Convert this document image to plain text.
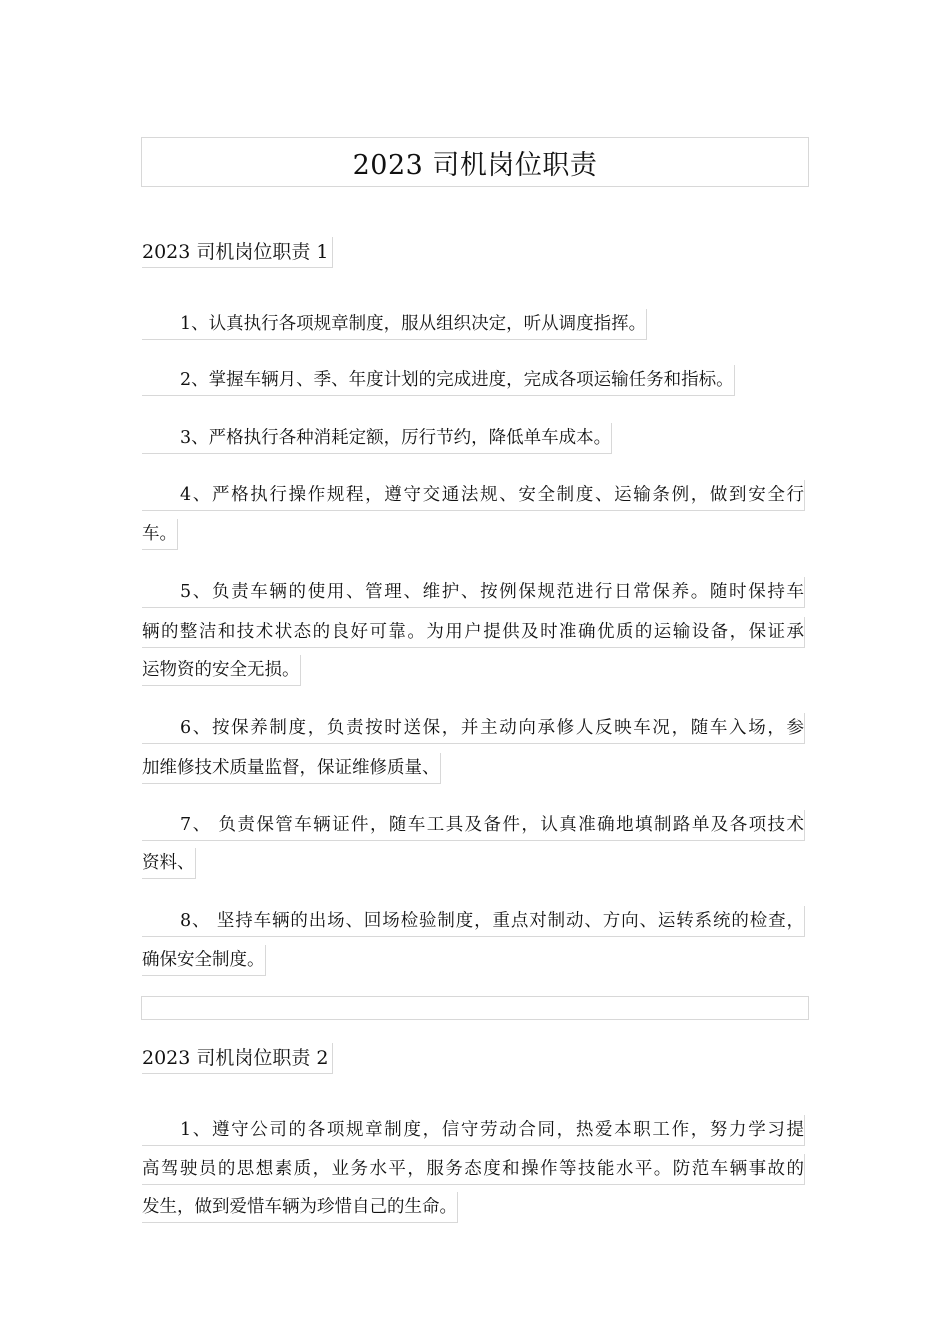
2023 司机岗位职责
2023 司机岗位职责 1
1、认真执行各项规章制度，服从组织决定，听从调度指挥。
2、掌握车辆月、季、年度计划的完成进度，完成各项运输任务和指标。
3、严格执行各种消耗定额，厉行节约，降低单车成本。
4、严格执行操作规程，遵守交通法规、安全制度、运输条例，做到安全行
车。
5、负责车辆的使用、管理、维护、按例保规范进行日常保养。随时保持车
辆的整洁和技术状态的良好可靠。为用户提供及时准确优质的运输设备，保证承
运物资的安全无损。
6、按保养制度，负责按时送保，并主动向承修人反映车况，随车入场，参
加维修技术质量监督，保证维修质量、
7、 负责保管车辆证件，随车工具及备件，认真准确地填制路单及各项技术
资料、
8、 坚持车辆的出场、回场检验制度，重点对制动、方向、运转系统的检查，
确保安全制度。
2023 司机岗位职责 2
1、遵守公司的各项规章制度，信守劳动合同，热爱本职工作，努力学习提
高驾驶员的思想素质，业务水平，服务态度和操作等技能水平。防范车辆事故的
发生，做到爱惜车辆为珍惜自己的生命。
